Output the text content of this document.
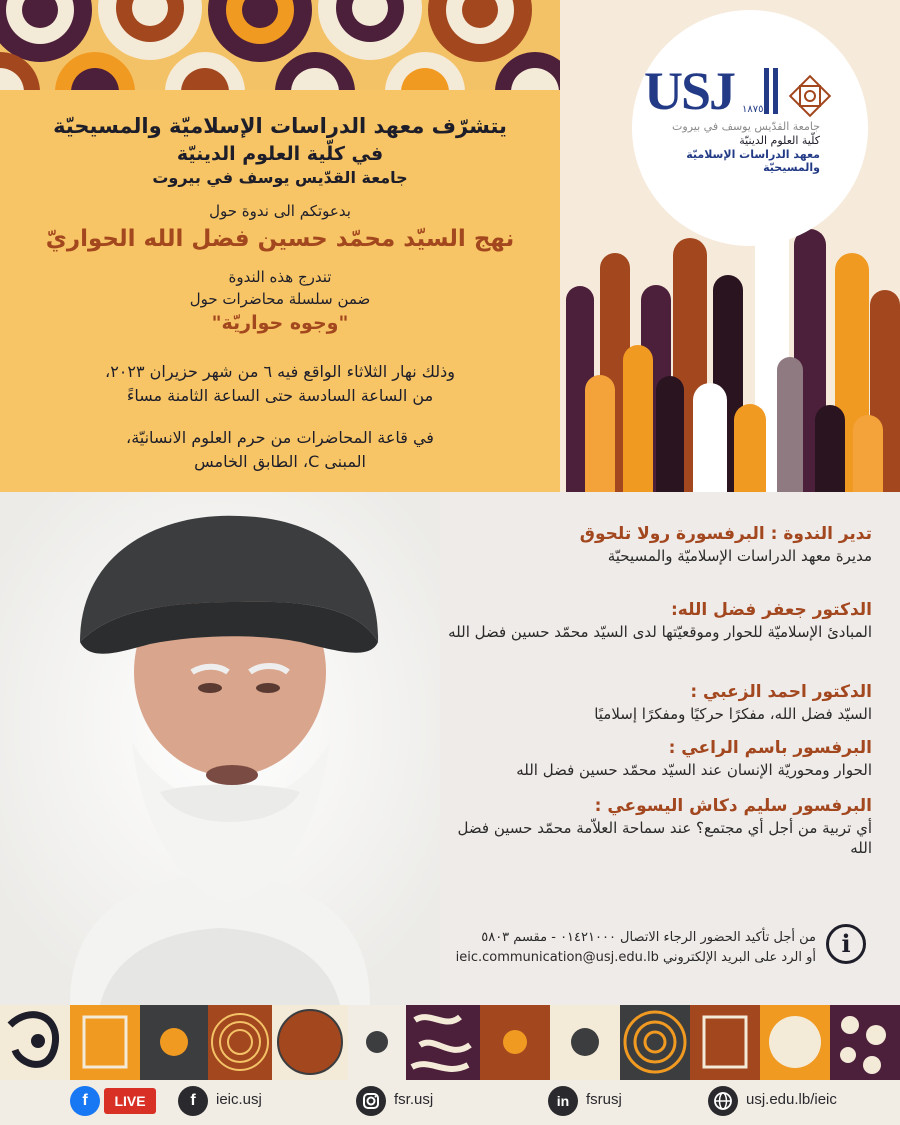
يتشرّف معهد الدراسات الإسلاميّة والمسيحيّة
في كلّية العلوم الدينيّة
جامعة القدّيس يوسف في بيروت
بدعوتكم الى ندوة حول
نهج السيّد محمّد حسين فضل الله الحواريّ
تندرج هذه الندوة
ضمن سلسلة محاضرات حول
"وجوه حواريّة"
وذلك نهار الثلاثاء الواقع فيه ٦ من شهر حزيران ٢٠٢٣،
من الساعة السادسة حتى الساعة الثامنة مساءً
في قاعة المحاضرات من حرم العلوم الانسانيّة،
المبنى C، الطابق الخامس
USJ ١٨٧٥
جامعة القدّيس يوسف في بيروت
كلّية العلوم الدينيّة
معهد الدراسات الإسلاميّة والمسيحيّة
تدير الندوة : البرفسورة رولا تلحوق
مديرة معهد الدراسات الإسلاميّة والمسيحيّة
الدكتور جعفر فضل الله:
المبادئ الإسلاميّة للحوار وموقعيّتها لدى السيّد محمّد حسين فضل الله
الدكتور احمد الزعبي :
السيّد فضل الله، مفكرًا حركيًا ومفكرًا إسلاميًا
البرفسور باسم الراعي :
الحوار ومحوريّة الإنسان عند السيّد محمّد حسين فضل الله
البرفسور سليم دكاش اليسوعي :
أي تربية من أجل أي مجتمع؟ عند سماحة العلاّمة محمّد حسين فضل الله
من أجل تأكيد الحضور الرجاء الاتصال ٠١٤٢١٠٠٠ - مقسم ٥٨٠٣
أو الرد على البريد الإلكتروني ieic.communication@usj.edu.lb	i
f	LIVE	f	ieic.usj	fsr.usj	in	fsrusj	usj.edu.lb/ieic
